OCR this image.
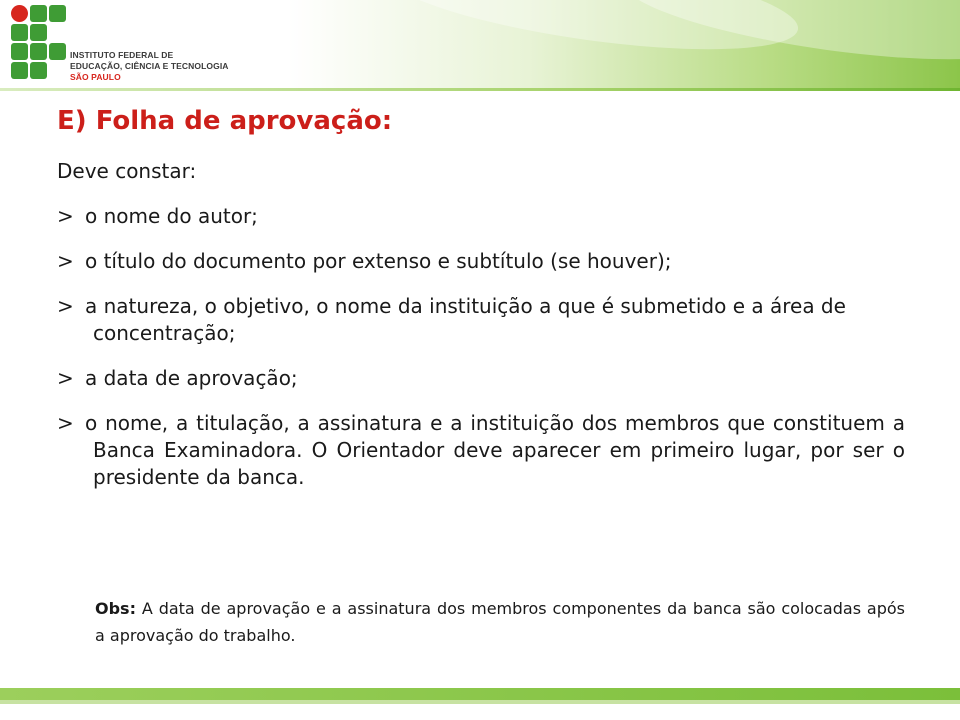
INSTITUTO FEDERAL DE
EDUCAÇÃO, CIÊNCIA E TECNOLOGIA
SÃO PAULO
E) Folha de aprovação:

Deve constar:

> o nome do autor;

> o título do documento por extenso e subtítulo (se houver);

> a natureza, o objetivo, o nome da instituição a que é submetido e a área de concentração;

> a data de aprovação;

> o nome, a titulação, a assinatura e a instituição dos membros que constituem a Banca Examinadora. O Orientador deve aparecer em primeiro lugar, por ser o presidente da banca.

Obs: A data de aprovação e a assinatura dos membros componentes da banca são colocadas após a aprovação do trabalho.
